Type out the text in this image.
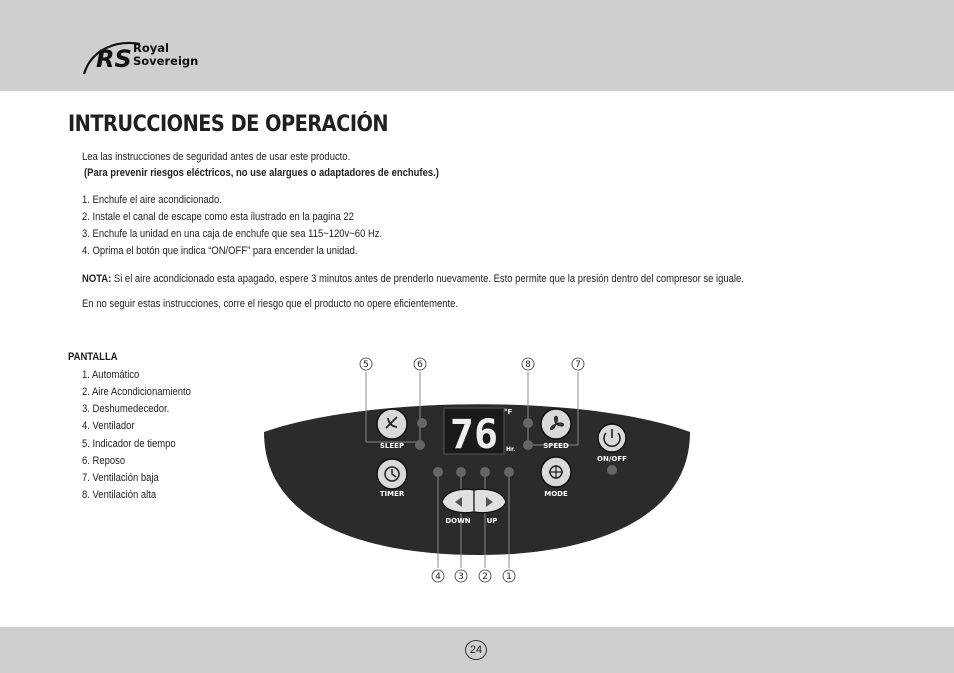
RS Royal
Sovereign
INTRUCCIONES DE OPERACIÓN
Lea las instrucciones de seguridad antes de usar este producto.
(Para prevenir riesgos eléctricos, no use alargues o adaptadores de enchufes.)
1. Enchufe el aire acondicionado.
2. Instale el canal de escape como esta ilustrado en la pagina 22
3. Enchufe la unidad en una caja de enchufe que sea 115~120v~60 Hz.
4. Oprima el botón que indica “ON/OFF” para encender la unidad.
NOTA: Si el aire acondicionado esta apagado, espere 3 minutos antes de prenderlo nuevamente. Esto permite que la presión dentro del compresor se iguale.
En no seguir estas instrucciones, corre el riesgo que el producto no opere eficientemente.
PANTALLA
1. Automático
2. Aire Acondicionamiento
3. Deshumedecedor.
4. Ventilador
5. Indicador de tiempo
6. Reposo
7. Ventilación baja
8. Ventilación alta
5	6	8	7
SLEEP
TIMER
76 °F
Hr.	SPEED
MODE
ON/OFF
DOWN UP
4 3 2 1
24
